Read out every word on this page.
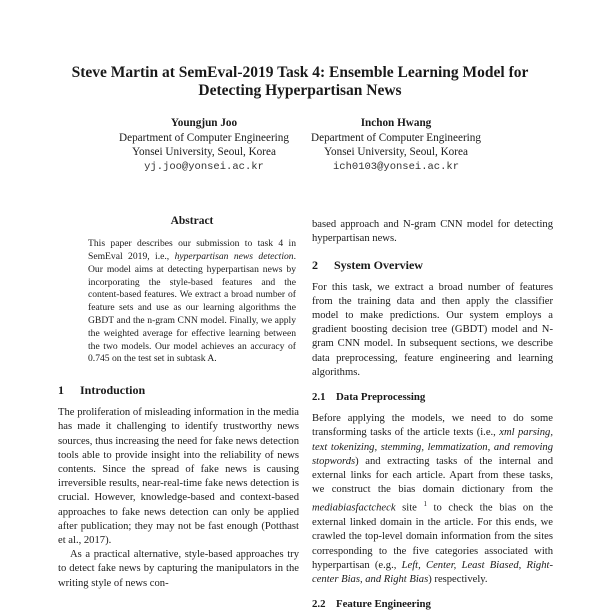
Steve Martin at SemEval-2019 Task 4: Ensemble Learning Model for
Detecting Hyperpartisan News
Youngjun Joo
Department of Computer Engineering
Yonsei University, Seoul, Korea
yj.joo@yonsei.ac.kr
Inchon Hwang
Department of Computer Engineering
Yonsei University, Seoul, Korea
ich0103@yonsei.ac.kr
Abstract

This paper describes our submission to task 4 in SemEval 2019, i.e., hyperpartisan news detection. Our model aims at detecting hyperpartisan news by incorporating the style-based features and the content-based features. We extract a broad number of feature sets and use as our learning algorithms the GBDT and the n-gram CNN model. Finally, we apply the weighted average for effective learning between the two models. Our model achieves an accuracy of 0.745 on the test set in subtask A.

1 Introduction

The proliferation of misleading information in the media has made it challenging to identify trustworthy news sources, thus increasing the need for fake news detection tools able to provide insight into the reliability of news contents. Since the spread of fake news is causing irreversible results, near-real-time fake news detection is crucial. However, knowledge-based and context-based approaches to fake news detection can only be applied after publication; they may not be fast enough (Potthast et al., 2017).

As a practical alternative, style-based approaches try to detect fake news by capturing the manipulators in the writing style of news con-

based approach and N-gram CNN model for detecting hyperpartisan news.

2 System Overview

For this task, we extract a broad number of features from the training data and then apply the classifier model to make predictions. Our system employs a gradient boosting decision tree (GBDT) model and N-gram CNN model. In subsequent sections, we describe data preprocessing, feature engineering and learning algorithms.

2.1 Data Preprocessing

Before applying the models, we need to do some transforming tasks of the article texts (i.e., xml parsing, text tokenizing, stemming, lemmatization, and removing stopwords) and extracting tasks of the internal and external links for each article. Apart from these tasks, we construct the bias domain dictionary from the mediabiasfactcheck site $^1$ to check the bias on the external linked domain in the article. For this ends, we crawled the top-level domain information from the sites corresponding to the five categories associated with hyperpartisan (e.g., Left, Center, Least Biased, Right-center Bias, and Right Bias) respectively.

2.2 Feature Engineering
